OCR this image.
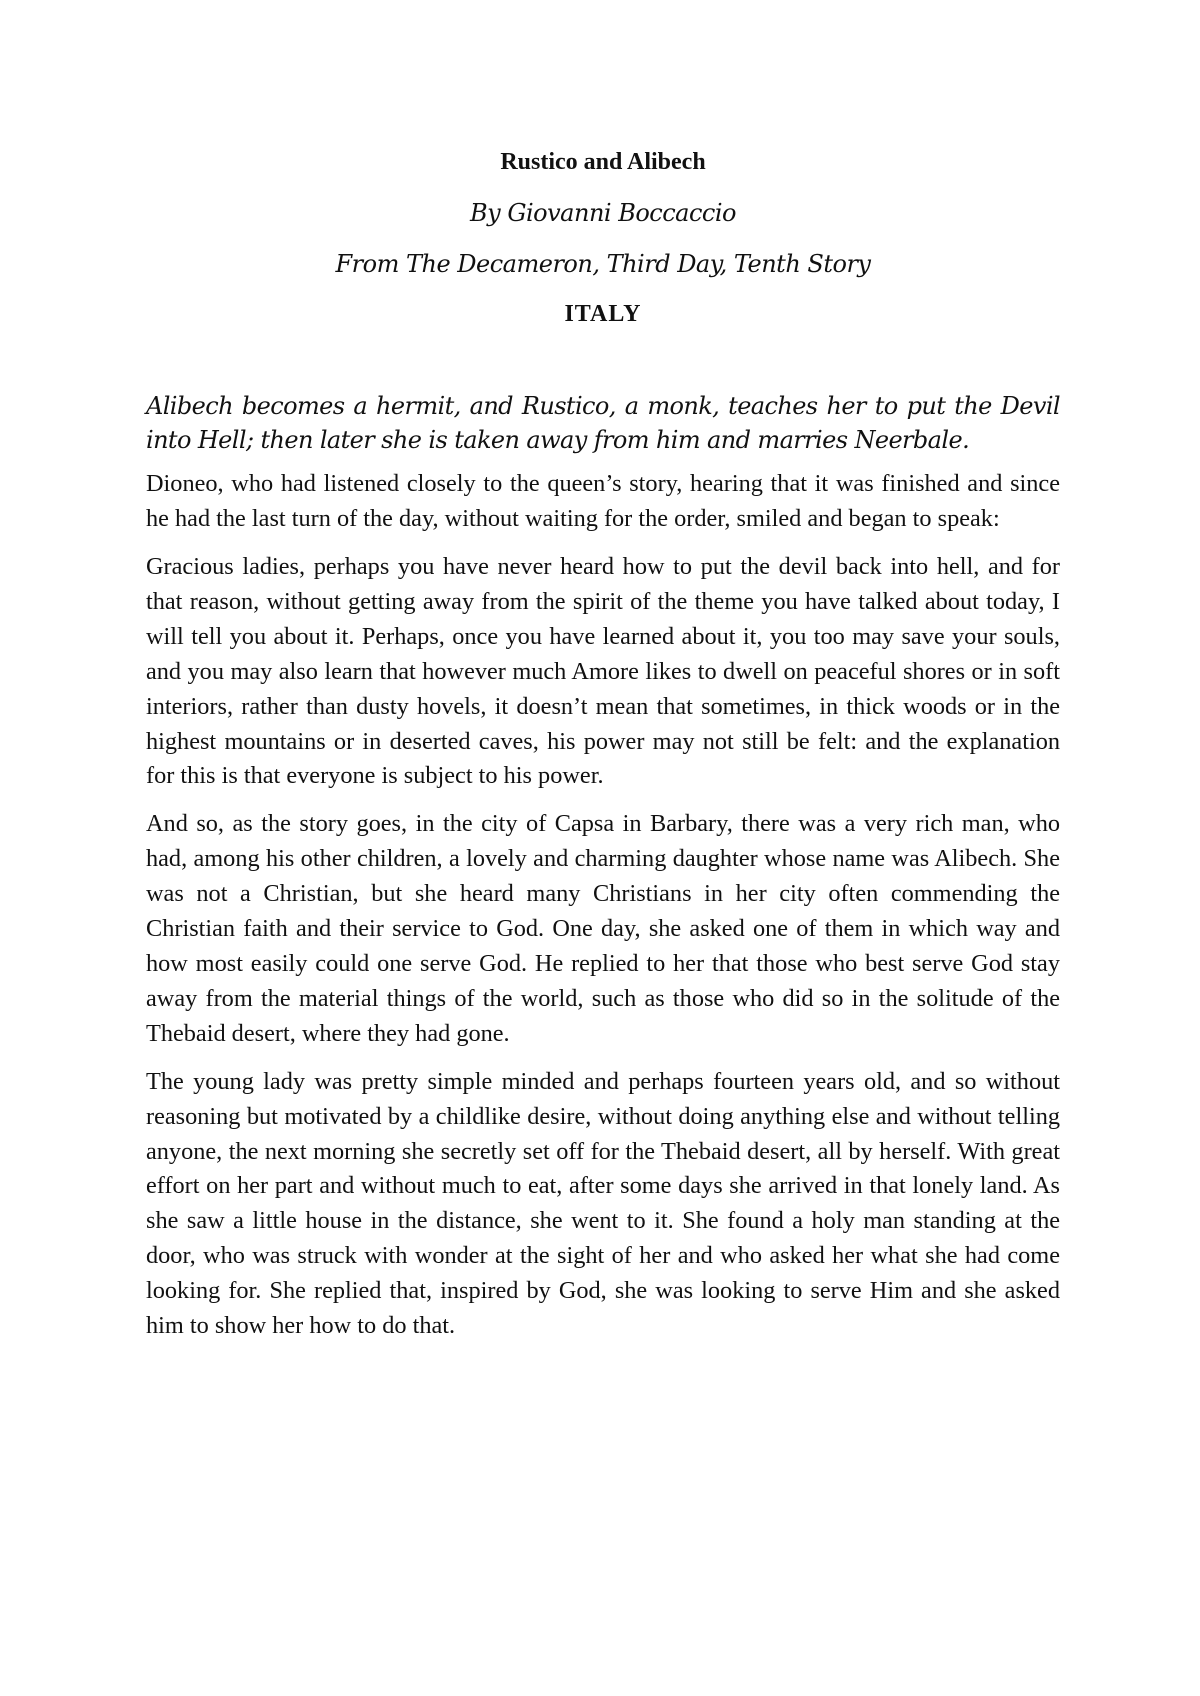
Rustico and Alibech
By Giovanni Boccaccio
From The Decameron, Third Day, Tenth Story
ITALY

Alibech becomes a hermit, and Rustico, a monk, teaches her to put the Devil into Hell; then later she is taken away from him and marries Neerbale.

Dioneo, who had listened closely to the queen’s story, hearing that it was finished and since he had the last turn of the day, without waiting for the order, smiled and began to speak:

Gracious ladies, perhaps you have never heard how to put the devil back into hell, and for that reason, without getting away from the spirit of the theme you have talked about today, I will tell you about it. Perhaps, once you have learned about it, you too may save your souls, and you may also learn that however much Amore likes to dwell on peaceful shores or in soft interiors, rather than dusty hovels, it doesn’t mean that sometimes, in thick woods or in the highest mountains or in deserted caves, his power may not still be felt: and the explanation for this is that everyone is subject to his power.

And so, as the story goes, in the city of Capsa in Barbary, there was a very rich man, who had, among his other children, a lovely and charming daughter whose name was Alibech. She was not a Christian, but she heard many Christians in her city often commending the Christian faith and their service to God. One day, she asked one of them in which way and how most easily could one serve God. He replied to her that those who best serve God stay away from the material things of the world, such as those who did so in the solitude of the Thebaid desert, where they had gone.

The young lady was pretty simple minded and perhaps fourteen years old, and so without reasoning but motivated by a childlike desire, without doing anything else and without telling anyone, the next morning she secretly set off for the Thebaid desert, all by herself. With great effort on her part and without much to eat, after some days she arrived in that lonely land. As she saw a little house in the distance, she went to it. She found a holy man standing at the door, who was struck with wonder at the sight of her and who asked her what she had come looking for. She replied that, inspired by God, she was looking to serve Him and she asked him to show her how to do that.
